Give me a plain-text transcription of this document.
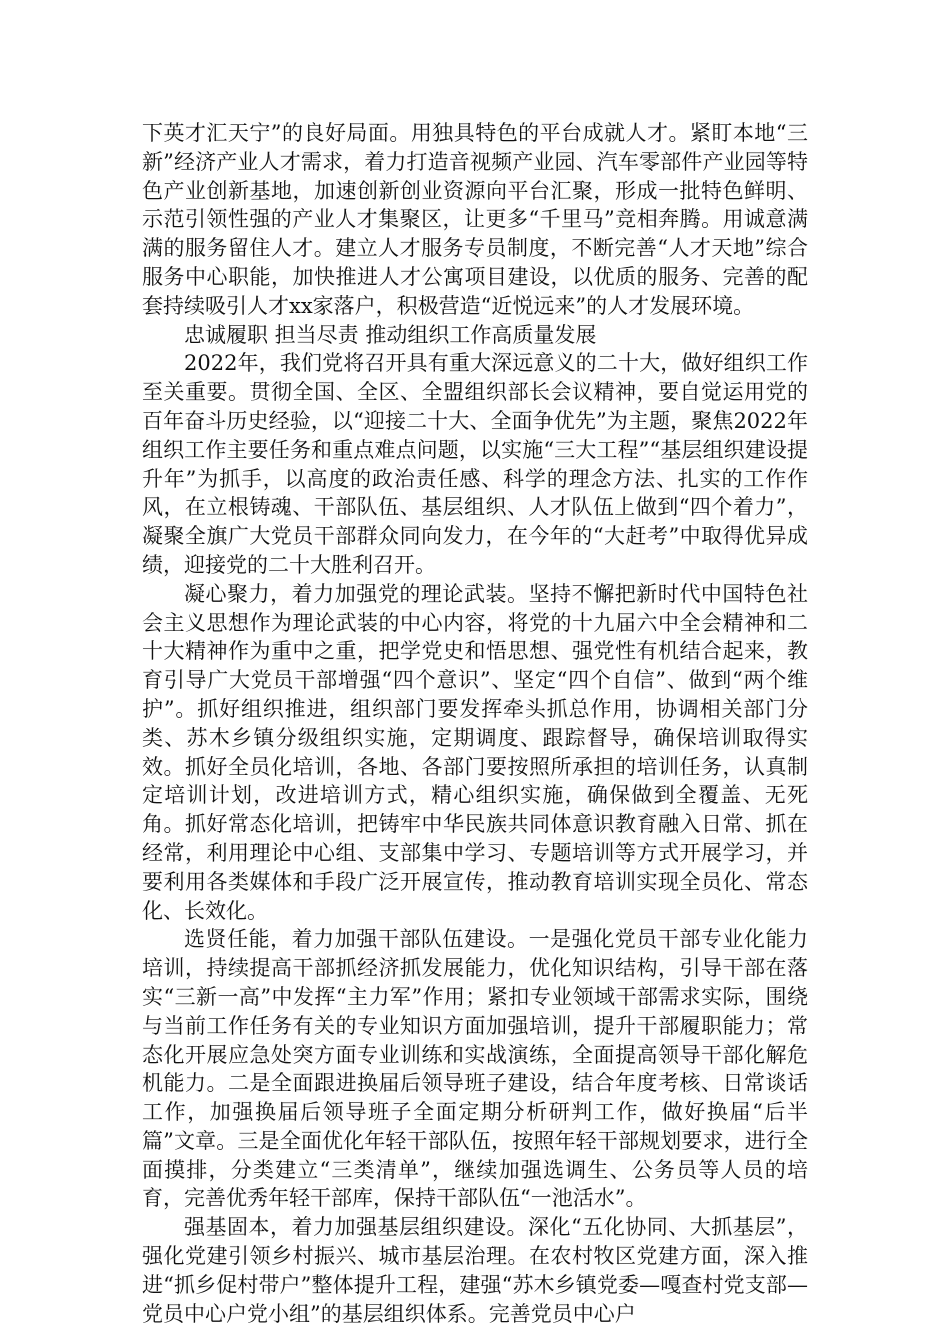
下英才汇天宁”的良好局面。用独具特色的平台成就人才。紧盯本地“三新”经济产业人才需求，着力打造音视频产业园、汽车零部件产业园等特色产业创新基地，加速创新创业资源向平台汇聚，形成一批特色鲜明、示范引领性强的产业人才集聚区，让更多“千里马”竞相奔腾。用诚意满满的服务留住人才。建立人才服务专员制度，不断完善“人才天地”综合服务中心职能，加快推进人才公寓项目建设，以优质的服务、完善的配套持续吸引人才xx家落户，积极营造“近悦远来”的人才发展环境。

忠诚履职 担当尽责 推动组织工作高质量发展

2022年，我们党将召开具有重大深远意义的二十大，做好组织工作至关重要。贯彻全国、全区、全盟组织部长会议精神，要自觉运用党的百年奋斗历史经验，以“迎接二十大、全面争优先”为主题，聚焦2022年组织工作主要任务和重点难点问题，以实施“三大工程”“基层组织建设提升年”为抓手，以高度的政治责任感、科学的理念方法、扎实的工作作风，在立根铸魂、干部队伍、基层组织、人才队伍上做到“四个着力”，凝聚全旗广大党员干部群众同向发力，在今年的“大赶考”中取得优异成绩，迎接党的二十大胜利召开。

凝心聚力，着力加强党的理论武装。坚持不懈把新时代中国特色社会主义思想作为理论武装的中心内容，将党的十九届六中全会精神和二十大精神作为重中之重，把学党史和悟思想、强党性有机结合起来，教育引导广大党员干部增强“四个意识”、坚定“四个自信”、做到“两个维护”。抓好组织推进，组织部门要发挥牵头抓总作用，协调相关部门分类、苏木乡镇分级组织实施，定期调度、跟踪督导，确保培训取得实效。抓好全员化培训，各地、各部门要按照所承担的培训任务，认真制定培训计划，改进培训方式，精心组织实施，确保做到全覆盖、无死角。抓好常态化培训，把铸牢中华民族共同体意识教育融入日常、抓在经常，利用理论中心组、支部集中学习、专题培训等方式开展学习，并要利用各类媒体和手段广泛开展宣传，推动教育培训实现全员化、常态化、长效化。

选贤任能，着力加强干部队伍建设。一是强化党员干部专业化能力培训，持续提高干部抓经济抓发展能力，优化知识结构，引导干部在落实“三新一高”中发挥“主力军”作用；紧扣专业领域干部需求实际，围绕与当前工作任务有关的专业知识方面加强培训，提升干部履职能力；常态化开展应急处突方面专业训练和实战演练，全面提高领导干部化解危机能力。二是全面跟进换届后领导班子建设，结合年度考核、日常谈话工作，加强换届后领导班子全面定期分析研判工作，做好换届“后半篇”文章。三是全面优化年轻干部队伍，按照年轻干部规划要求，进行全面摸排，分类建立“三类清单”，继续加强选调生、公务员等人员的培育，完善优秀年轻干部库，保持干部队伍“一池活水”。

强基固本，着力加强基层组织建设。深化“五化协同、大抓基层”，强化党建引领乡村振兴、城市基层治理。在农村牧区党建方面，深入推进“抓乡促村带户”整体提升工程，建强“苏木乡镇党委—嘎查村党支部—党员中心户党小组”的基层组织体系。完善党员中心户
